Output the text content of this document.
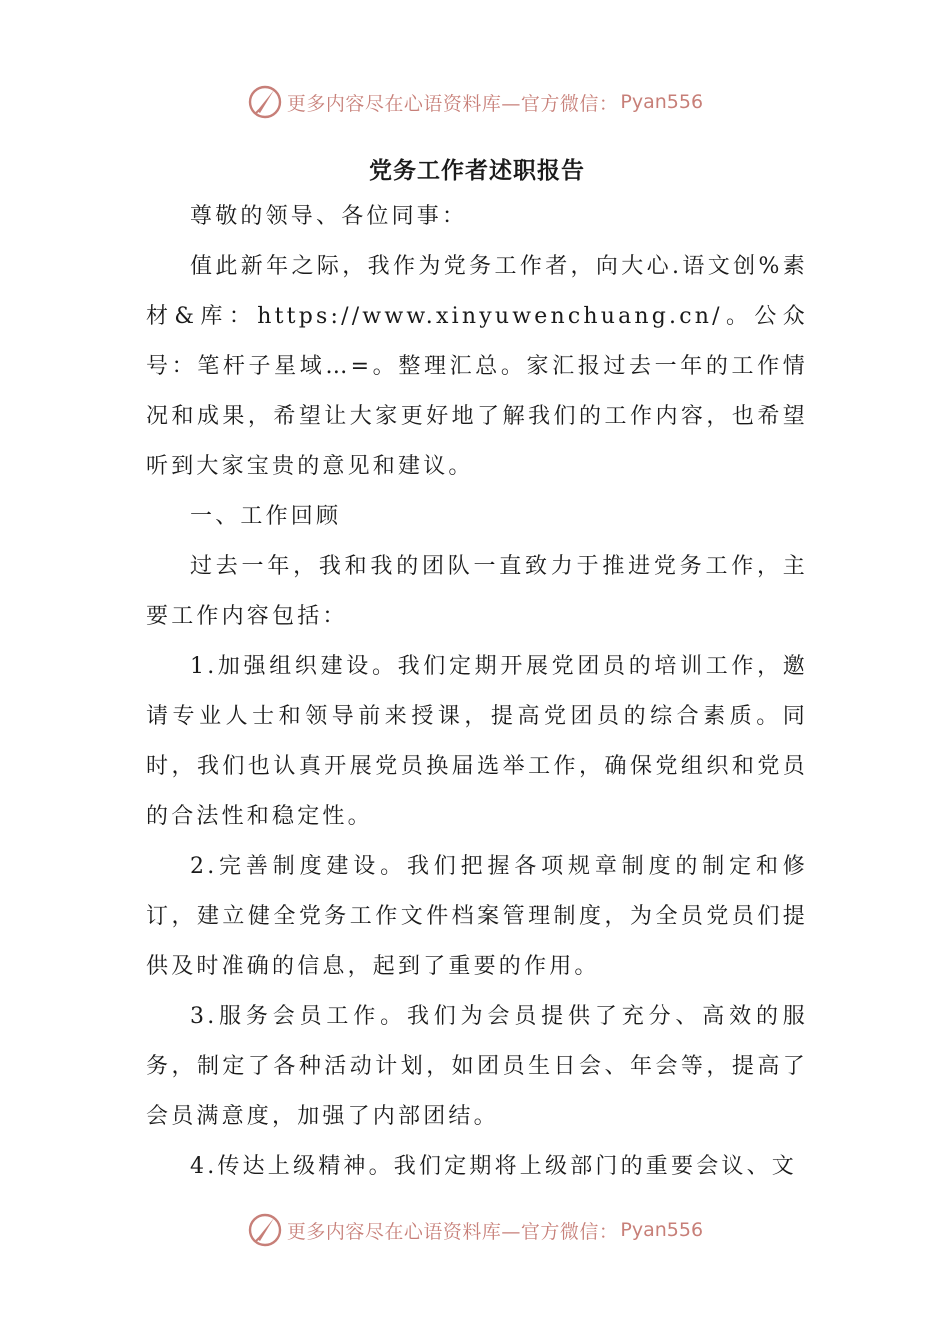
更多内容尽在心语资料库—官方微信： Pyan556
党务工作者述职报告

尊敬的领导、各位同事：

值此新年之际，我作为党务工作者，向大心.语文创%素材&库：https://www.xinyuwenchuang.cn/。公众号：笔杆子星域…=。整理汇总。家汇报过去一年的工作情况和成果，希望让大家更好地了解我们的工作内容，也希望听到大家宝贵的意见和建议。

一、工作回顾

过去一年，我和我的团队一直致力于推进党务工作，主要工作内容包括：

1.加强组织建设。我们定期开展党团员的培训工作，邀请专业人士和领导前来授课，提高党团员的综合素质。同时，我们也认真开展党员换届选举工作，确保党组织和党员的合法性和稳定性。

2.完善制度建设。我们把握各项规章制度的制定和修订，建立健全党务工作文件档案管理制度，为全员党员们提供及时准确的信息，起到了重要的作用。

3.服务会员工作。我们为会员提供了充分、高效的服务，制定了各种活动计划，如团员生日会、年会等，提高了会员满意度，加强了内部团结。

4.传达上级精神。我们定期将上级部门的重要会议、文

更多内容尽在心语资料库—官方微信： Pyan556
